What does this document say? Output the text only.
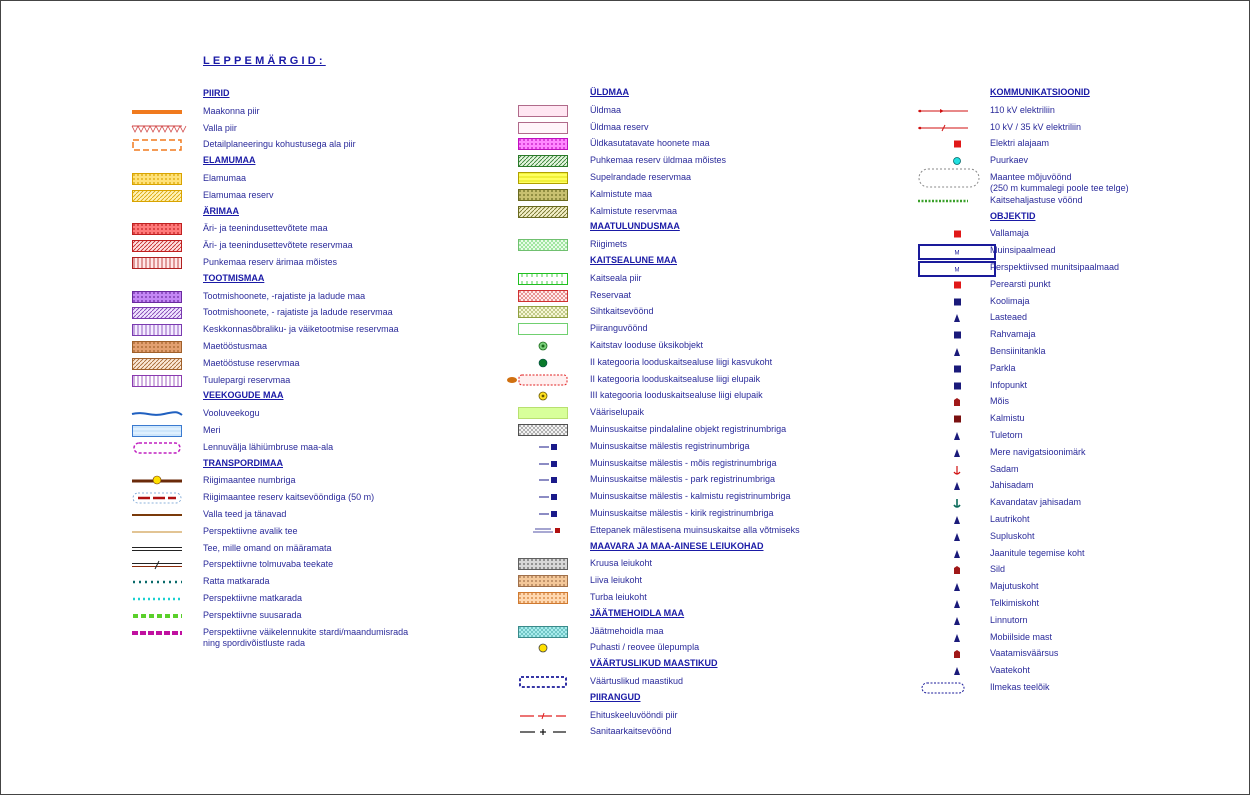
LEPPEMÄRGID:
PIIRID
Maakonna piir
Valla piir
Detailplaneeringu kohustusega ala piir
ELAMUMAA
Elamumaa
Elamumaa reserv
ÄRIMAA
Äri- ja teenindusettevõtete maa
Äri- ja teenindusettevõtete reservmaa
Punkemaa reserv ärimaa mõistes
TOOTMISMAA
Tootmishoonete, -rajatiste ja ladude maa
Tootmishoonete, - rajatiste ja ladude reservmaa
Keskkonnasõbraliku- ja väiketootmise reservmaa
Maetööstusmaa
Maetööstuse reservmaa
Tuulepargi reservmaa
VEEKOGUDE MAA
Vooluveekogu
Meri
Lennuvälja lähiümbruse maa-ala
TRANSPORDIMAA
Riigimaantee numbriga
Riigimaantee reserv kaitsevööndiga (50 m)
Valla teed ja tänavad
Perspektiivne avalik tee
Tee, mille omand on määramata
Perspektiivne tolmuvaba teekate
Ratta matkarada
Perspektiivne matkarada
Perspektiivne suusarada
Perspektiivne väikelennukite stardi/maandumisrada
ning spordivõistluste rada
ÜLDMAA
Üldmaa
Üldmaa reserv
Üldkasutatavate hoonete maa
Puhkemaa reserv üldmaa mõistes
Supelrandade reservmaa
Kalmistute maa
Kalmistute reservmaa
MAATULUNDUSMAA
Riigimets
KAITSEALUNE MAA
Kaitseala piir
Reservaat
Sihtkaitsevöönd
Piiranguvöönd
Kaitstav looduse üksikobjekt
II kategooria looduskaitsealuse liigi kasvukoht
II kategooria looduskaitsealuse liigi elupaik
III kategooria looduskaitsealuse liigi elupaik
Vääriselupaik
Muinsuskaitse pindalaline objekt registrinumbriga
Muinsuskaitse mälestis registrinumbriga
Muinsuskaitse mälestis - mõis registrinumbriga
Muinsuskaitse mälestis - park registrinumbriga
Muinsuskaitse mälestis - kalmistu registrinumbriga
Muinsuskaitse mälestis - kirik registrinumbriga
Ettepanek mälestisena muinsuskaitse alla võtmiseks
MAAVARA JA MAA-AINESE LEIUKOHAD
Kruusa leiukoht
Liiva leiukoht
Turba leiukoht
JÄÄTMEHOIDLA MAA
Jäätmehoidla maa
Puhasti / reovee ülepumpla
VÄÄRTUSLIKUD MAASTIKUD
Väärtuslikud maastikud
PIIRANGUD
Ehituskeeluvööndi piir
Sanitaarkaitsevöönd
KOMMUNIKATSIOONID
110 kV elektriliin
10 kV / 35 kV elektriliin
Elektri alajaam
Puurkaev
Maantee mõjuvöönd
(250 m kummalegi poole tee telge)
Kaitsehaljastuse vöönd
OBJEKTID
Vallamaja
M	Muinsipaalmead
M	Perspektiivsed munitsipaalmaad
Perearsti punkt
Koolimaja
Lasteaed
Rahvamaja
Bensiinitankla
Parkla
Infopunkt
Mõis
Kalmistu
Tuletorn
Mere navigatsioonimärk
Sadam
Jahisadam
Kavandatav jahisadam
Lautrikoht
Supluskoht
Jaanitule tegemise koht
Sild
Majutuskoht
Telkimiskoht
Linnutorn
Mobiilside mast
Vaatamisväärsus
Vaatekoht
Ilmekas teelõik
